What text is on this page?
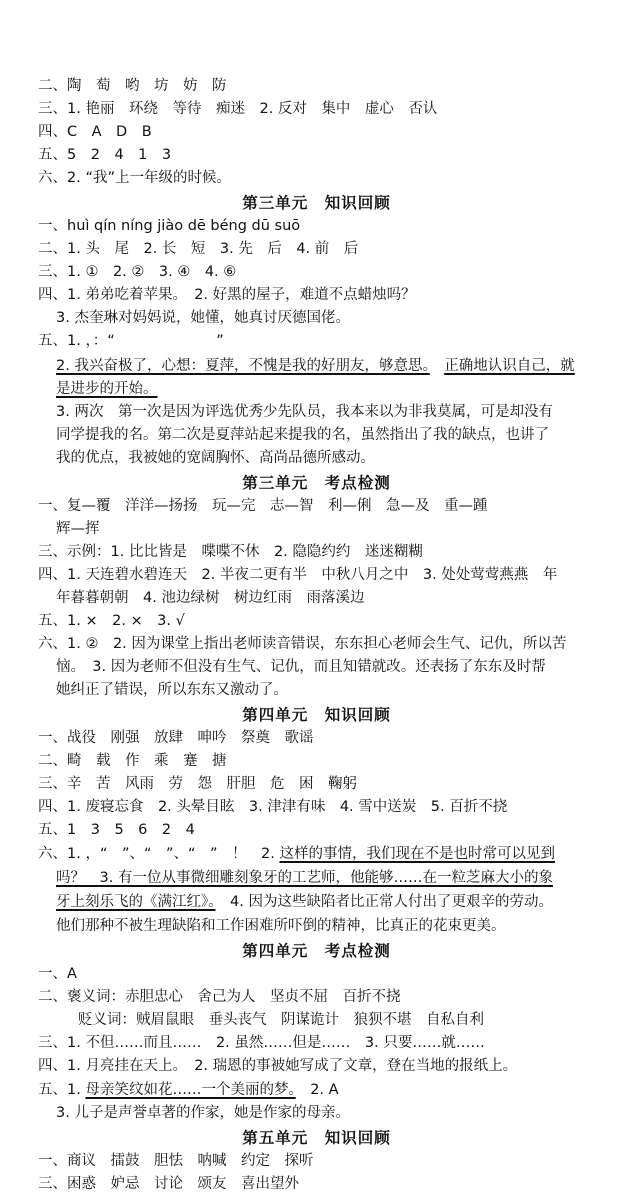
二、陶　萄　哟　坊　妨　防
三、1. 艳丽　环绕　等待　痴迷　2. 反对　集中　虚心　否认
四、C　A　D　B
五、5　2　4　1　3
六、2. “我”上一年级的时候。
第三单元　知识回顾
一、huì qín níng jiào dē béng dū suō
二、1. 头　尾　2. 长　短　3. 先　后　4. 前　后
三、1. ①　2. ②　3. ④　4. ⑥
四、1. 弟弟吃着苹果。　2. 好黑的屋子，难道不点蜡烛吗？
3. 杰奎琳对妈妈说，她懂，她真讨厌德国佬。
五、1. ，：“　　　　　　　”
2. 我兴奋极了，心想：夏萍，不愧是我的好朋友，够意思。　 正确地认识自己，就
是进步的开始。
3. 两次　第一次是因为评选优秀少先队员，我本来以为非我莫属，可是却没有
同学提我的名。第二次是夏萍站起来提我的名，虽然指出了我的缺点，也讲了
我的优点，我被她的宽阔胸怀、高尚品德所感动。
第三单元　考点检测
一、复—覆　洋洋—扬扬　玩—完　志—智　利—俐　急—及　重—踵
辉—挥
三、示例：1. 比比皆是　喋喋不休　2. 隐隐约约　迷迷糊糊
四、1. 天连碧水碧连天　2. 半夜二更有半　中秋八月之中　3. 处处莺莺燕燕　年
年暮暮朝朝　4. 池边绿树　树边红雨　雨落溪边
五、1. ×　2. ×　3. √
六、1. ②　2. 因为课堂上指出老师读音错误，东东担心老师会生气、记仇，所以苦
恼。　3. 因为老师不但没有生气、记仇，而且知错就改。还表扬了东东及时帮
她纠正了错误，所以东东又激动了。
第四单元　知识回顾
一、战役　刚强　放肆　呻吟　祭奠　歌谣
二、畸　载　作　乘　蹇　搪
三、辛　苦　风雨　劳　怨　肝胆　危　困　鞠躬
四、1. 废寝忘食　2. 头晕目眩　3. 津津有味　4. 雪中送炭　5. 百折不挠
五、1　3　5　6　2　4
六、1. ，“　”、“　”、“　”　！　2. 这样的事情，我们现在不是也时常可以见到
吗？　3. 有一位从事微细雕刻象牙的工艺师，他能够……在一粒芝麻大小的象
牙上刻乐飞的《满江红》。　4. 因为这些缺陷者比正常人付出了更艰辛的劳动。
他们那种不被生理缺陷和工作困难所吓倒的精神，比真正的花束更美。
第四单元　考点检测
一、A
二、褒义词：赤胆忠心　舍己为人　坚贞不屈　百折不挠
贬义词：贼眉鼠眼　垂头丧气　阴谋诡计　狼狈不堪　自私自利
三、1. 不但……而且……　2. 虽然……但是……　3. 只要……就……
四、1. 月亮挂在天上。　2. 瑞恩的事被她写成了文章，登在当地的报纸上。
五、1. 母亲笑纹如花……一个美丽的梦。　2. A
3. 儿子是声誉卓著的作家，她是作家的母亲。
第五单元　知识回顾
一、商议　擂鼓　胆怯　呐喊　约定　探听
三、困惑　妒忌　讨论　颂友　喜出望外
